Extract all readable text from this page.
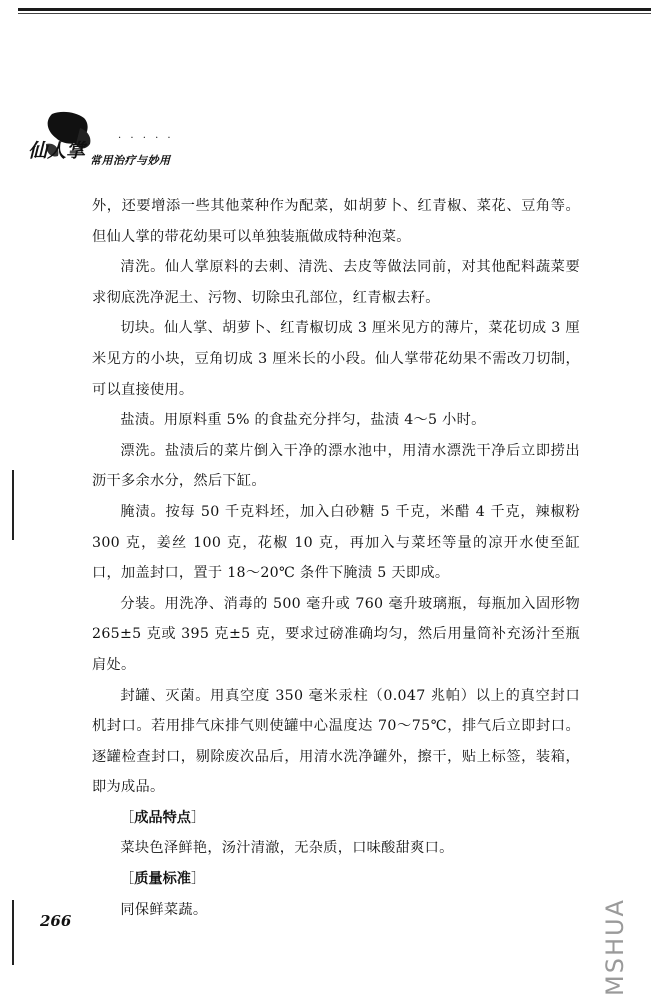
仙人掌
. . . . .
常用治疗与妙用

外，还要增添一些其他菜种作为配菜，如胡萝卜、红青椒、菜花、豆角等。但仙人掌的带花幼果可以单独装瓶做成特种泡菜。

清洗。仙人掌原料的去刺、清洗、去皮等做法同前，对其他配料蔬菜要求彻底洗净泥土、污物、切除虫孔部位，红青椒去籽。

切块。仙人掌、胡萝卜、红青椒切成 3 厘米见方的薄片，菜花切成 3 厘米见方的小块，豆角切成 3 厘米长的小段。仙人掌带花幼果不需改刀切制，可以直接使用。

盐渍。用原料重 5% 的食盐充分拌匀，盐渍 4～5 小时。

漂洗。盐渍后的菜片倒入干净的漂水池中，用清水漂洗干净后立即捞出沥干多余水分，然后下缸。

腌渍。按每 50 千克料坯，加入白砂糖 5 千克，米醋 4 千克，辣椒粉 300 克，姜丝 100 克，花椒 10 克，再加入与菜坯等量的凉开水使至缸口，加盖封口，置于 18～20℃ 条件下腌渍 5 天即成。

分装。用洗净、消毒的 500 毫升或 760 毫升玻璃瓶，每瓶加入固形物 265±5 克或 395 克±5 克，要求过磅准确均匀，然后用量筒补充汤汁至瓶肩处。

封罐、灭菌。用真空度 350 毫米汞柱（0.047 兆帕）以上的真空封口机封口。若用排气床排气则使罐中心温度达 70～75℃，排气后立即封口。逐罐检查封口，剔除废次品后，用清水洗净罐外，擦干，贴上标签，装箱，即为成品。

［成品特点］

菜块色泽鲜艳，汤汁清澈，无杂质，口味酸甜爽口。

［质量标准］

同保鲜菜蔬。

266	MSHUA
